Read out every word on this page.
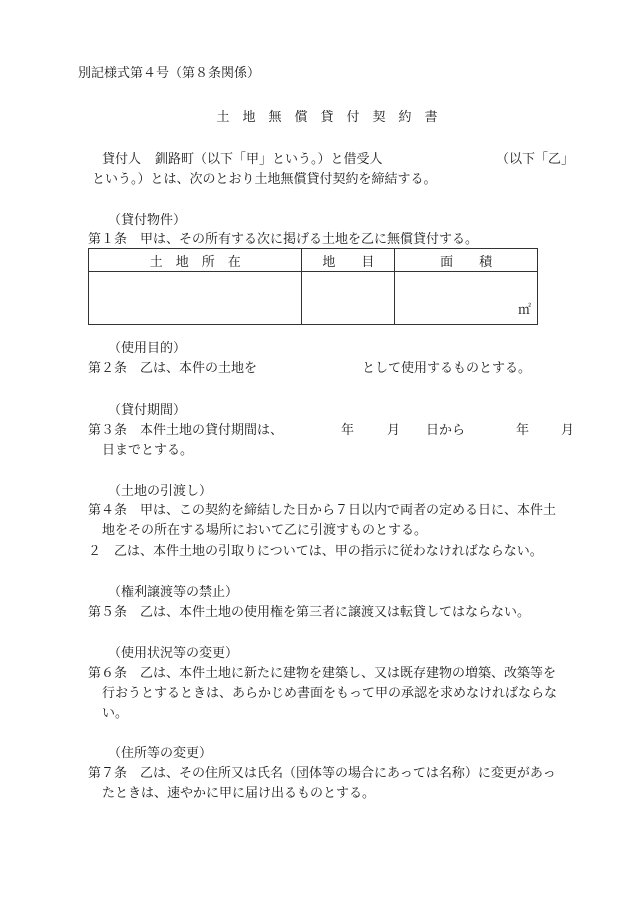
別記様式第４号（第８条関係）
土　地　無　償　貸　付　契　約　書
貸付人 釧路町（以下「甲」という。）と借受人	（以下「乙」
という。）とは、次のとおり土地無償貸付契約を締結する。
（貸付物件）
第１条　甲は、その所有する次に掲げる土地を乙に無償貸付する。
土　地　所　在	地　　目	面　　積
		㎡
（使用目的）
第２条　乙は、本件の土地を	として使用するものとする。
（貸付期間）
第３条　本件土地の貸付期間は、	年	月 日から	年 月
日までとする。
（土地の引渡し）
第４条　甲は、この契約を締結した日から７日以内で両者の定める日に、本件土
地をその所在する場所において乙に引渡すものとする。
２　乙は、本件土地の引取りについては、甲の指示に従わなければならない。
（権利譲渡等の禁止）
第５条　乙は、本件土地の使用権を第三者に譲渡又は転貸してはならない。
（使用状況等の変更）
第６条　乙は、本件土地に新たに建物を建築し、又は既存建物の増築、改築等を
行おうとするときは、あらかじめ書面をもって甲の承認を求めなければならな
い。
（住所等の変更）
第７条　乙は、その住所又は氏名（団体等の場合にあっては名称）に変更があっ
たときは、速やかに甲に届け出るものとする。
